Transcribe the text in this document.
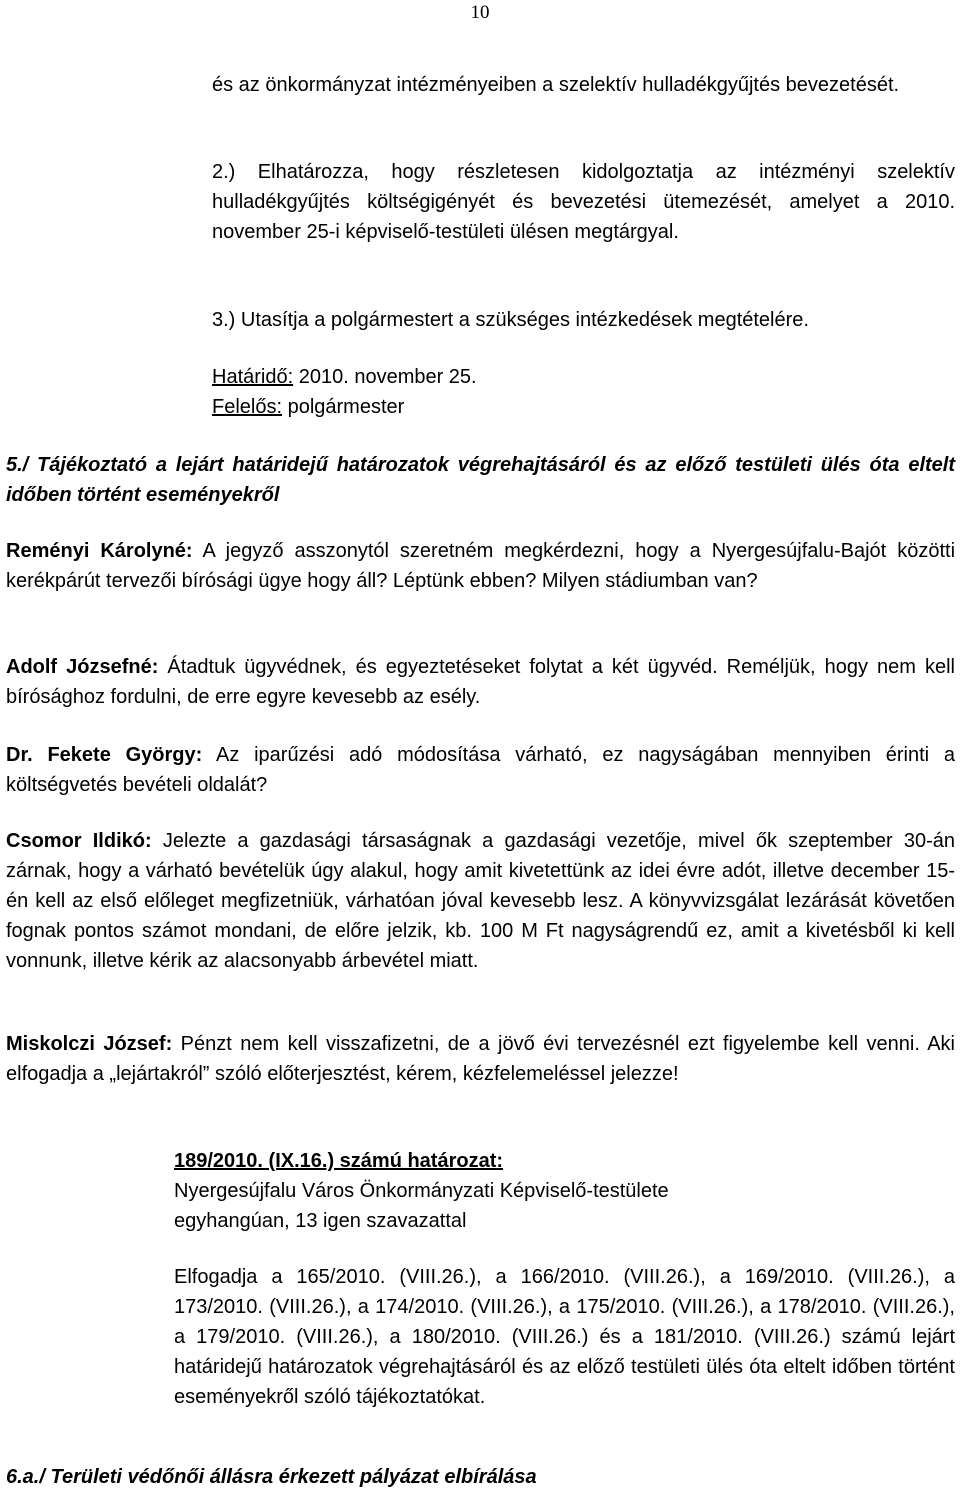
10

és az önkormányzat intézményeiben a szelektív hulladékgyűjtés bevezetését.

2.) Elhatározza, hogy részletesen kidolgoztatja az intézményi szelektív hulladékgyűjtés költségigényét és bevezetési ütemezését, amelyet a 2010. november 25-i képviselő-testületi ülésen megtárgyal.

3.) Utasítja a polgármestert a szükséges intézkedések megtételére.

Határidő: 2010. november 25.
Felelős: polgármester

5./ Tájékoztató a lejárt határidejű határozatok végrehajtásáról és az előző testületi ülés óta eltelt időben történt eseményekről

Reményi Károlyné: A jegyző asszonytól szeretném megkérdezni, hogy a Nyergesújfalu-Bajót közötti kerékpárút tervezői bírósági ügye hogy áll? Léptünk ebben? Milyen stádiumban van?

Adolf Józsefné: Átadtuk ügyvédnek, és egyeztetéseket folytat a két ügyvéd. Reméljük, hogy nem kell bírósághoz fordulni, de erre egyre kevesebb az esély.

Dr. Fekete György: Az iparűzési adó módosítása várható, ez nagyságában mennyiben érinti a költségvetés bevételi oldalát?

Csomor Ildikó: Jelezte a gazdasági társaságnak a gazdasági vezetője, mivel ők szeptember 30-án zárnak, hogy a várható bevételük úgy alakul, hogy amit kivetettünk az idei évre adót, illetve december 15-én kell az első előleget megfizetniük, várhatóan jóval kevesebb lesz. A könyvvizsgálat lezárását követően fognak pontos számot mondani, de előre jelzik, kb. 100 M Ft nagyságrendű ez, amit a kivetésből ki kell vonnunk, illetve kérik az alacsonyabb árbevétel miatt.

Miskolczi József: Pénzt nem kell visszafizetni, de a jövő évi tervezésnél ezt figyelembe kell venni. Aki elfogadja a „lejártakról” szóló előterjesztést, kérem, kézfelemeléssel jelezze!

189/2010. (IX.16.) számú határozat:
Nyergesújfalu Város Önkormányzati Képviselő-testülete
egyhangúan, 13 igen szavazattal

Elfogadja a 165/2010. (VIII.26.), a 166/2010. (VIII.26.), a 169/2010. (VIII.26.), a 173/2010. (VIII.26.), a 174/2010. (VIII.26.), a 175/2010. (VIII.26.), a 178/2010. (VIII.26.), a 179/2010. (VIII.26.), a 180/2010. (VIII.26.) és a 181/2010. (VIII.26.) számú lejárt határidejű határozatok végrehajtásáról és az előző testületi ülés óta eltelt időben történt eseményekről szóló tájékoztatókat.

6.a./ Területi védőnői állásra érkezett pályázat elbírálása
